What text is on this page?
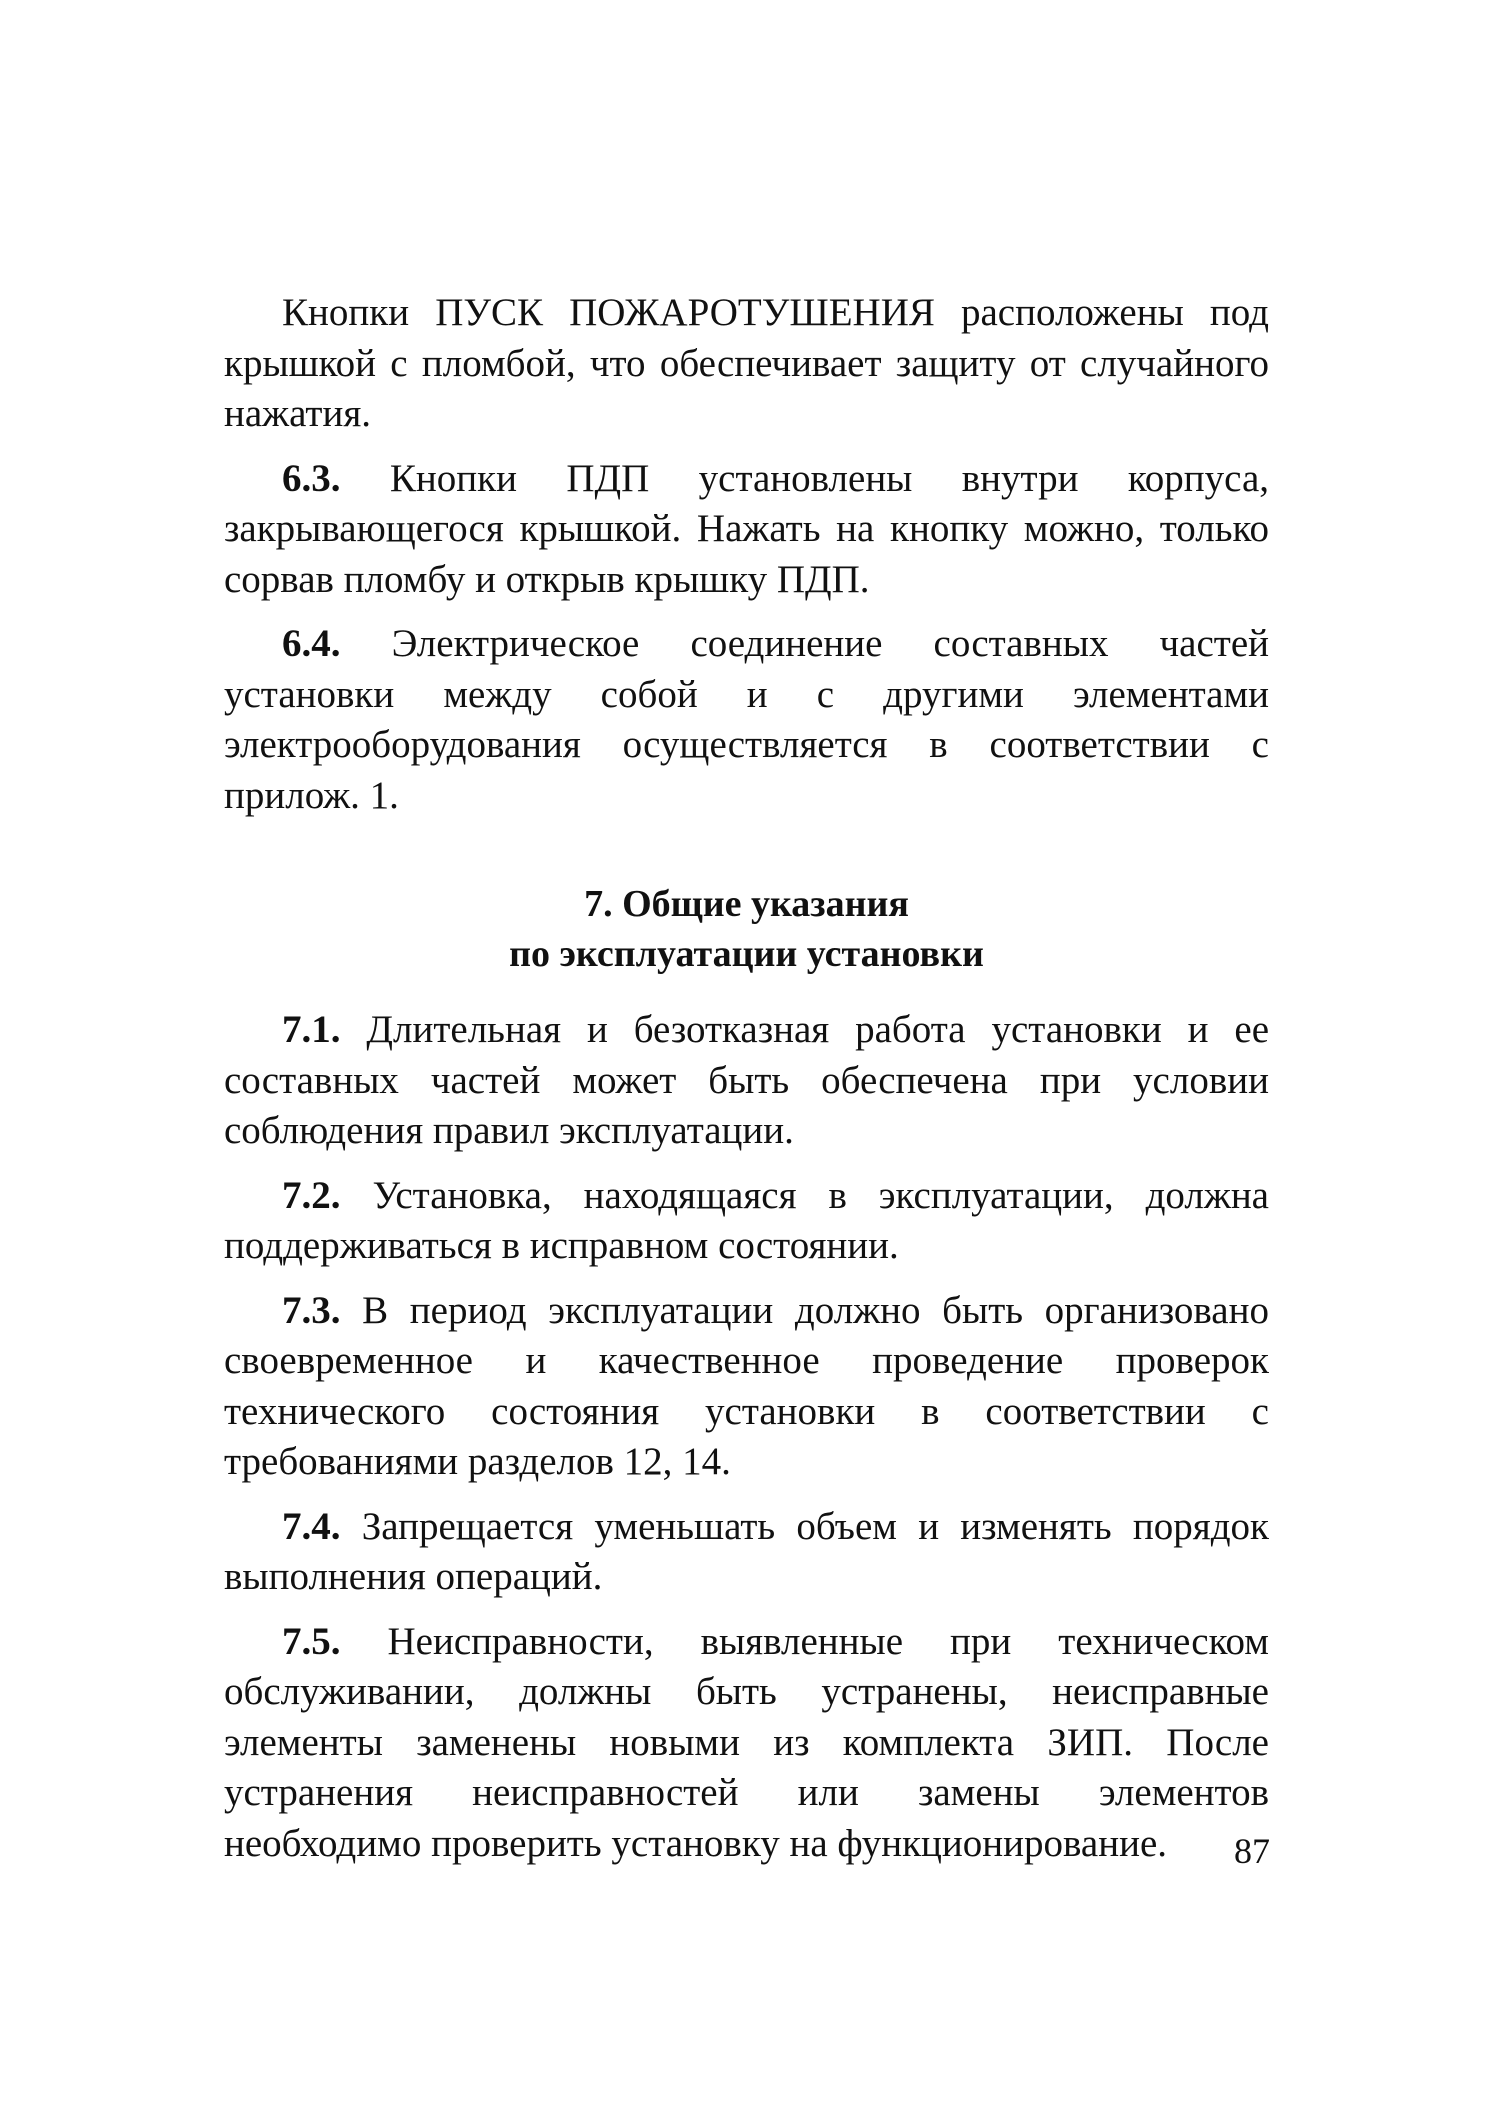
Кнопки ПУСК ПОЖАРОТУШЕНИЯ расположены под крышкой с пломбой, что обеспечивает защиту от случайного нажатия.

6.3. Кнопки ПДП установлены внутри корпуса, закрывающегося крышкой. Нажать на кнопку можно, только сорвав пломбу и открыв крышку ПДП.

6.4. Электрическое соединение составных частей установки между собой и с другими элементами электрооборудования осуществляется в соответствии с прилож. 1.

7. Общие указания
по эксплуатации установки

7.1. Длительная и безотказная работа установки и ее составных частей может быть обеспечена при условии соблюдения правил эксплуатации.

7.2. Установка, находящаяся в эксплуатации, должна поддерживаться в исправном состоянии.

7.3. В период эксплуатации должно быть организовано своевременное и качественное проведение проверок технического состояния установки в соответствии с требованиями разделов 12, 14.

7.4. Запрещается уменьшать объем и изменять порядок выполнения операций.

7.5. Неисправности, выявленные при техническом обслуживании, должны быть устранены, неисправные элементы заменены новыми из комплекта ЗИП. После устранения неисправностей или замены элементов необходимо проверить установку на функционирование.	87
